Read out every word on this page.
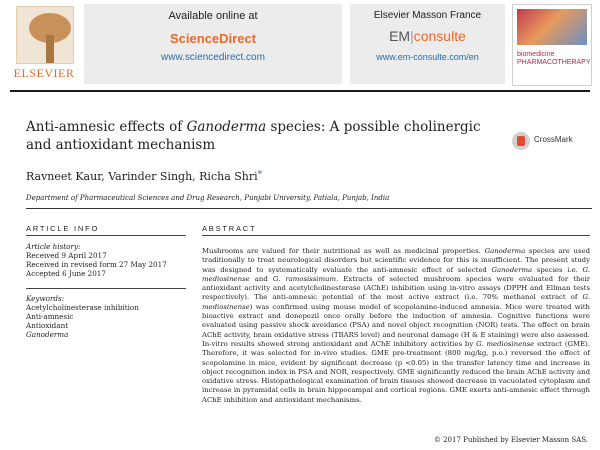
ELSEVIER
Available online at
ScienceDirect
www.sciencedirect.com
Elsevier Masson France
EM|consulte
www.em-consulte.com/en	biomedicine PHARMACOTHERAPY
Anti-amnesic effects of Ganoderma species: A possible cholinergic and antioxidant mechanism	CrossMark
Ravneet Kaur, Varinder Singh, Richa Shri*
Department of Pharmaceutical Sciences and Drug Research, Punjabi University, Patiala, Punjab, India
ARTICLE INFO
Article history:
Received 9 April 2017
Received in revised form 27 May 2017
Accepted 6 June 2017
Keywords:
Acetylcholinesterase inhibition
Anti-amnesic
Antioxidant
Ganoderma
ABSTRACT
Mushrooms are valued for their nutritional as well as medicinal properties. Ganoderma species are used traditionally to treat neurological disorders but scientific evidence for this is insufficient. The present study was designed to systematically evaluate the anti-amnesic effect of selected Ganoderma species i.e. G. mediosinense and G. ramosissimum. Extracts of selected mushroom species were evaluated for their antioxidant activity and acetylcholinesterase (AChE) inhibition using in-vitro assays (DPPH and Ellman tests respectively). The anti-amnesic potential of the most active extract (i.e. 70% methanol extract of G. mediosinense) was confirmed using mouse model of scopolamine-induced amnesia. Mice were treated with bioactive extract and donepezil once orally before the induction of amnesia. Cognitive functions were evaluated using passive shock avoidance (PSA) and novel object recognition (NOR) tests. The effect on brain AChE activity, brain oxidative stress (TBARS level) and neuronal damage (H & E staining) were also assessed. In-vitro results showed strong antioxidant and AChE inhibitory activities by G. mediosinense extract (GME). Therefore, it was selected for in-vivo studies. GME pre-treatment (800 mg/kg, p.o.) reversed the effect of scopolamine in mice, evident by significant decrease (p <0.05) in the transfer latency time and increase in object recognition index in PSA and NOR, respectively. GME significantly reduced the brain AChE activity and oxidative stress. Histopathological examination of brain tissues showed decrease in vacuolated cytoplasm and increase in pyramidal cells in brain hippocampal and cortical regions. GME exerts anti-amnesic effect through AChE inhibition and antioxidant mechanisms.
© 2017 Published by Elsevier Masson SAS.
